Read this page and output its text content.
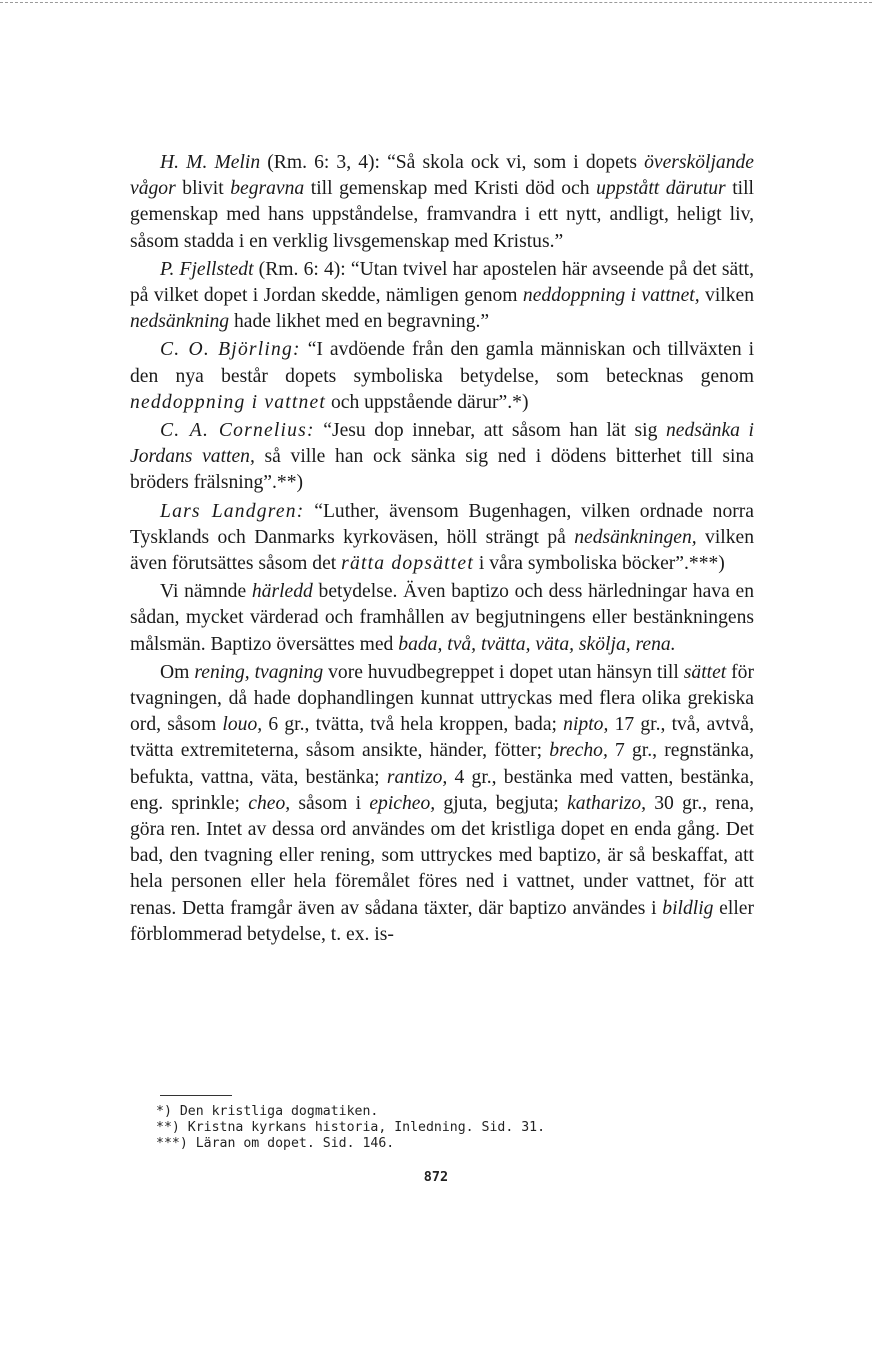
H. M. Melin (Rm. 6: 3, 4): “Så skola ock vi, som i dopets översköljande vågor blivit begravna till gemenskap med Kristi död och uppstått därutur till gemenskap med hans uppståndelse, framvandra i ett nytt, andligt, heligt liv, såsom stadda i en verklig livsgemenskap med Kristus.”

P. Fjellstedt (Rm. 6: 4): “Utan tvivel har apostelen här avseende på det sätt, på vilket dopet i Jordan skedde, nämligen genom neddoppning i vattnet, vilken nedsänkning hade likhet med en begravning.”

C. O. Björling: “I avdöende från den gamla människan och tillväxten i den nya består dopets symboliska betydelse, som betecknas genom neddoppning i vattnet och uppstående därur”.*)

C. A. Cornelius: “Jesu dop innebar, att såsom han lät sig nedsänka i Jordans vatten, så ville han ock sänka sig ned i dödens bitterhet till sina bröders frälsning”.**)

Lars Landgren: “Luther, ävensom Bugenhagen, vilken ordnade norra Tysklands och Danmarks kyrkoväsen, höll strängt på nedsänkningen, vilken även förutsättes såsom det rätta dopsättet i våra symboliska böcker”.***)

Vi nämnde härledd betydelse. Även baptizo och dess härledningar hava en sådan, mycket värderad och framhållen av begjutningens eller bestänkningens målsmän. Baptizo översättes med bada, två, tvätta, väta, skölja, rena.

Om rening, tvagning vore huvudbegreppet i dopet utan hänsyn till sättet för tvagningen, då hade dophandlingen kunnat uttryckas med flera olika grekiska ord, såsom louo, 6 gr., tvätta, två hela kroppen, bada; nipto, 17 gr., två, avtvå, tvätta extremiteterna, såsom ansikte, händer, fötter; brecho, 7 gr., regnstänka, befukta, vattna, väta, bestänka; rantizo, 4 gr., bestänka med vatten, bestänka, eng. sprinkle; cheo, såsom i epicheo, gjuta, begjuta; katharizo, 30 gr., rena, göra ren. Intet av dessa ord användes om det kristliga dopet en enda gång. Det bad, den tvagning eller rening, som uttryckes med baptizo, är så beskaffat, att hela personen eller hela föremålet föres ned i vattnet, under vattnet, för att renas. Detta framgår även av sådana täxter, där baptizo användes i bildlig eller förblommerad betydelse, t. ex. is-

*) Den kristliga dogmatiken.
**) Kristna kyrkans historia, Inledning. Sid. 31.
***) Läran om dopet. Sid. 146.
872
